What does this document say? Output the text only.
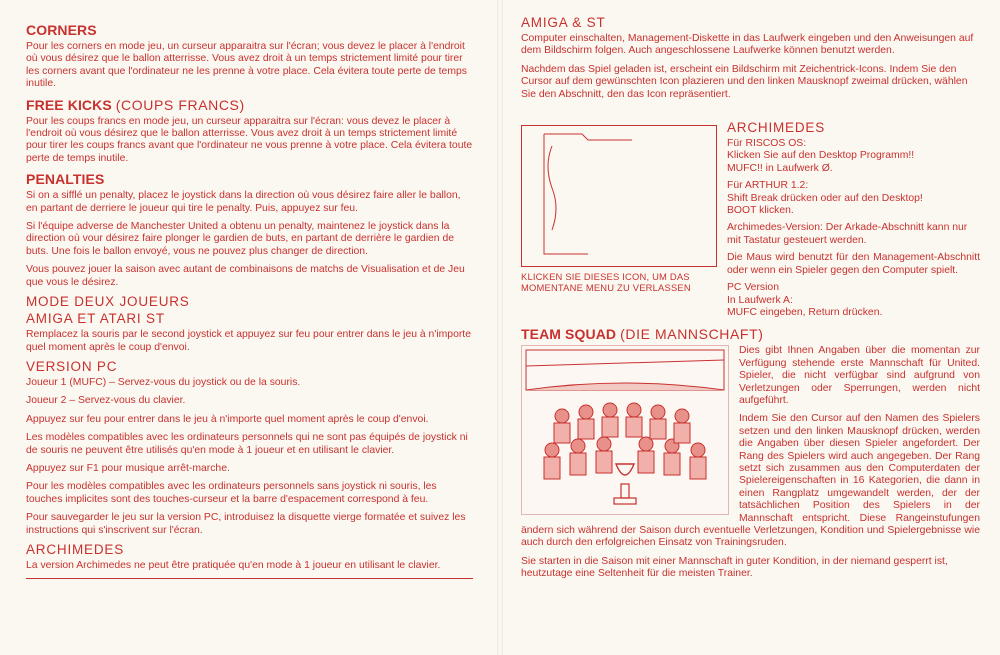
CORNERS

Pour les corners en mode jeu, un curseur apparaitra sur l'écran; vous devez le placer à l'endroit où vous désirez que le ballon atterrisse. Vous avez droit à un temps strictement limité pour tirer les corners avant que l'ordinateur ne les prenne à votre place. Cela évitera toute perte de temps inutile.

FREE KICKS (COUPS FRANCS)

Pour les coups francs en mode jeu, un curseur apparaitra sur l'écran: vous devez le placer à l'endroit où vous désirez que le ballon atterrisse. Vous avez droit à un temps strictement limité pour tirer les coups francs avant que l'ordinateur ne vous prenne à votre place. Cela évitera toute perte de temps inutile.

PENALTIES

Si on a sifflé un penalty, placez le joystick dans la direction où vous désirez faire aller le ballon, en partant de derriere le joueur qui tire le penalty. Puis, appuyez sur feu.

Si l'équipe adverse de Manchester United a obtenu un penalty, maintenez le joystick dans la direction où vour désirez faire plonger le gardien de buts, en partant de derrière le gardien de buts. Une fois le ballon envoyé, vous ne pouvez plus changer de direction.

Vous pouvez jouer la saison avec autant de combinaisons de matchs de Visualisation et de Jeu que vous le désirez.

MODE DEUX JOUEURS
AMIGA ET ATARI ST

Remplacez la souris par le second joystick et appuyez sur feu pour entrer dans le jeu à n'importe quel moment après le coup d'envoi.

VERSION PC

Joueur 1 (MUFC) – Servez-vous du joystick ou de la souris.

Joueur 2 – Servez-vous du clavier.

Appuyez sur feu pour entrer dans le jeu à n'importe quel moment après le coup d'envoi.

Les modèles compatibles avec les ordinateurs personnels qui ne sont pas équipés de joystick ni de souris ne peuvent être utilisés qu'en mode à 1 joueur et en utilisant le clavier.

Appuyez sur F1 pour musique arrêt-marche.

Pour les modèles compatibles avec les ordinateurs personnels sans joystick ni souris, les touches implicites sont des touches-curseur et la barre d'espacement correspond à feu.

Pour sauvegarder le jeu sur la version PC, introduisez la disquette vierge formatée et suivez les instructions qui s'inscrivent sur l'écran.

ARCHIMEDES

La version Archimedes ne peut être pratiquée qu'en mode à 1 joueur en utilisant le clavier.

AMIGA & ST

Computer einschalten, Management-Diskette in das Laufwerk eingeben und den Anweisungen auf dem Bildschirm folgen. Auch angeschlossene Laufwerke können benutzt werden.

Nachdem das Spiel geladen ist, erscheint ein Bildschirm mit Zeichentrick-Icons. Indem Sie den Cursor auf dem gewünschten Icon plazieren und den linken Mausknopf zweimal drücken, wählen Sie den Abschnitt, den das Icon repräsentiert.

KLICKEN SIE DIESES ICON, UM DAS MOMENTANE MENU ZU VERLASSEN
ARCHIMEDES

Für RISCOS OS:

Klicken Sie auf den Desktop Programm!!

MUFC!! in Laufwerk Ø.

Für ARTHUR 1.2:

Shift Break drücken oder auf den Desktop!

BOOT klicken.

Archimedes-Version: Der Arkade-Abschnitt kann nur mit Tastatur gesteuert werden.

Die Maus wird benutzt für den Management-Abschnitt oder wenn ein Spieler gegen den Computer spielt.

PC Version

In Laufwerk A:

MUFC eingeben, Return drücken.

TEAM SQUAD (DIE MANNSCHAFT)

Dies gibt Ihnen Angaben über die momentan zur Verfügung stehende erste Mannschaft für United. Spieler, die nicht verfügbar sind aufgrund von Verletzungen oder Sperrungen, werden nicht aufgeführt.

Indem Sie den Cursor auf den Namen des Spielers setzen und den linken Mausknopf drücken, werden die Angaben über diesen Spieler angefordert. Der Rang des Spielers wird auch angegeben. Der Rang setzt sich zusammen aus den Computerdaten der Spielereigenschaften in 16 Kategorien, die dann in einen Rangplatz umgewandelt werden, der der tatsächlichen Position des Spielers in der Mannschaft entspricht. Diese Rangeinstufungen ändern sich während der Saison durch eventuelle Verletzungen, Kondition und Spielergebnisse wie auch durch den erfolgreichen Einsatz von Trainingsruden.

Sie starten in die Saison mit einer Mannschaft in guter Kondition, in der niemand gesperrt ist, heutzutage eine Seltenheit für die meisten Trainer.
